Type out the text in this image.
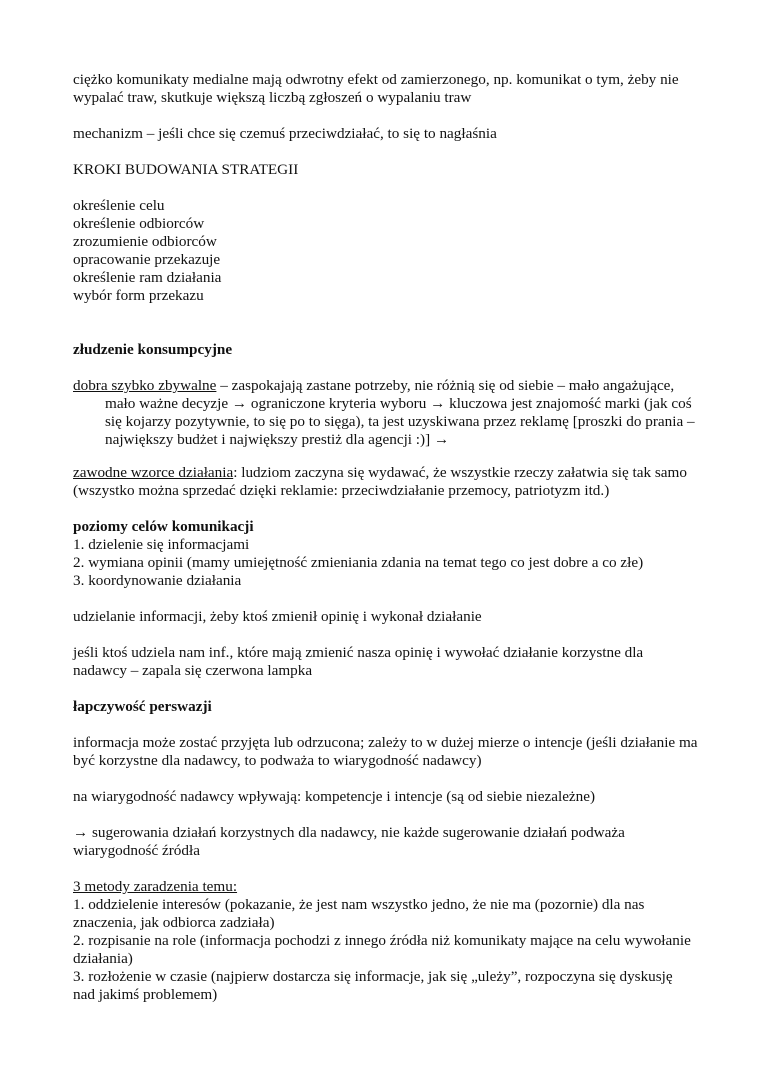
ciężko komunikaty medialne mają odwrotny efekt od zamierzonego, np. komunikat o tym, żeby nie wypalać traw, skutkuje większą liczbą zgłoszeń o wypalaniu traw

mechanizm – jeśli chce się czemuś przeciwdziałać, to się to nagłaśnia

KROKI BUDOWANIA STRATEGII

określenie celu

określenie odbiorców

zrozumienie odbiorców

opracowanie przekazuje

określenie ram działania

wybór form przekazu

złudzenie konsumpcyjne

dobra szybko zbywalne – zaspokajają zastane potrzeby, nie różnią się od siebie – mało angażujące,

mało ważne decyzje → ograniczone kryteria wyboru → kluczowa jest znajomość marki (jak coś się kojarzy pozytywnie, to się po to sięga), ta jest uzyskiwana przez reklamę [proszki do prania – największy budżet i największy prestiż dla agencji :)] →

zawodne wzorce działania: ludziom zaczyna się wydawać, że wszystkie rzeczy załatwia się tak samo (wszystko można sprzedać dzięki reklamie: przeciwdziałanie przemocy, patriotyzm itd.)

poziomy celów komunikacji

1. dzielenie się informacjami

2. wymiana opinii (mamy umiejętność zmieniania zdania na temat tego co jest dobre a co złe)

3. koordynowanie działania

udzielanie informacji, żeby ktoś zmienił opinię i wykonał działanie

jeśli ktoś udziela nam inf., które mają zmienić nasza opinię i wywołać działanie korzystne dla nadawcy – zapala się czerwona lampka

łapczywość perswazji

informacja może zostać przyjęta lub odrzucona; zależy to w dużej mierze o intencje (jeśli działanie ma być korzystne dla nadawcy, to podważa to wiarygodność nadawcy)

na wiarygodność nadawcy wpływają: kompetencje i intencje (są od siebie niezależne)

→ sugerowania działań korzystnych dla nadawcy, nie każde sugerowanie działań podważa wiarygodność źródła

3 metody zaradzenia temu:

1. oddzielenie interesów (pokazanie, że jest nam wszystko jedno, że nie ma (pozornie) dla nas znaczenia, jak odbiorca zadziała)

2. rozpisanie na role (informacja pochodzi z innego źródła niż komunikaty mające na celu wywołanie działania)

3. rozłożenie w czasie (najpierw dostarcza się informacje, jak się „uleży”, rozpoczyna się dyskusję nad jakimś problemem)
